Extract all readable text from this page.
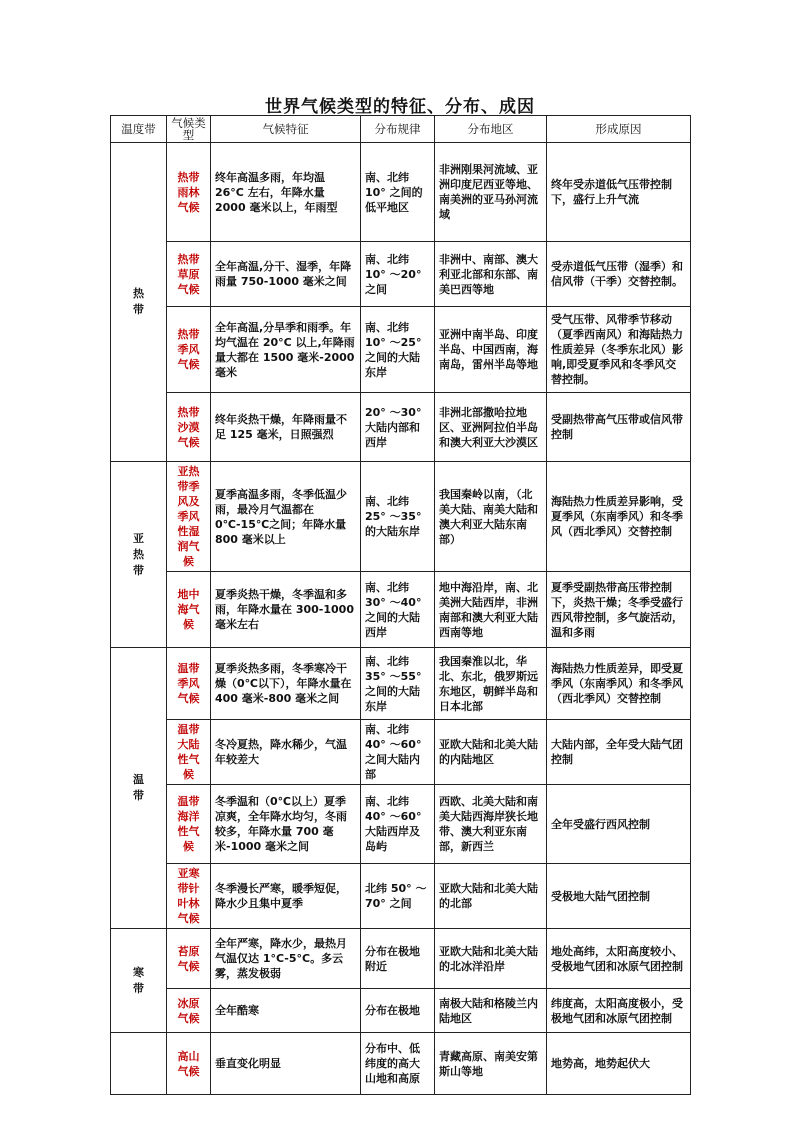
世界气候类型的特征、分布、成因
温度带	气候类型	气候特征	分布规律	分布地区	形成原因
热带	热带雨林气候	终年高温多雨，年均温 26°C 左右，年降水量 2000 毫米以上，年雨型	南、北纬 10° 之间的低平地区	非洲刚果河流域、亚洲印度尼西亚等地、南美洲的亚马孙河流域	终年受赤道低气压带控制下，盛行上升气流
	热带草原气候	全年高温,分干、湿季，年降雨量 750-1000 毫米之间	南、北纬 10° ～20° 之间	非洲中、南部、澳大利亚北部和东部、南美巴西等地	受赤道低气压带（湿季）和信风带（干季）交替控制。
	热带季风气候	全年高温,分旱季和雨季。年均气温在 20°C 以上,年降雨量大都在 1500 毫米-2000 毫米	南、北纬 10° ～25° 之间的大陆东岸	亚洲中南半岛、印度半岛、中国西南，海南岛，雷州半岛等地	受气压带、风带季节移动（夏季西南风）和海陆热力性质差异（冬季东北风）影响,即受夏季风和冬季风交替控制。
	热带沙漠气候	终年炎热干燥，年降雨量不足 125 毫米，日照强烈	20° ～30° 大陆内部和西岸	非洲北部撒哈拉地区、亚洲阿拉伯半岛和澳大利亚大沙漠区	受副热带高气压带或信风带控制
亚热带	亚热带季风及季风性湿润气候	夏季高温多雨，冬季低温少雨，最冷月气温都在 0℃-15℃之间；年降水量 800 毫米以上	南、北纬 25° ～35° 的大陆东岸	我国秦岭以南，（北美大陆、南美大陆和澳大利亚大陆东南部）	海陆热力性质差异影响，受夏季风（东南季风）和冬季风（西北季风）交替控制
	地中海气候	夏季炎热干燥，冬季温和多雨，年降水量在 300-1000 毫米左右	南、北纬 30° ～40° 之间的大陆西岸	地中海沿岸，南、北美洲大陆西岸，非洲南部和澳大利亚大陆西南等地	夏季受副热带高压带控制下，炎热干燥；冬季受盛行西风带控制，多气旋活动，温和多雨
温带	温带季风气候	夏季炎热多雨，冬季寒冷干燥（0℃以下），年降水量在 400 毫米-800 毫米之间	南、北纬 35° ～55° 之间的大陆东岸	我国秦淮以北，华北、东北，俄罗斯远东地区，朝鲜半岛和日本北部	海陆热力性质差异，即受夏季风（东南季风）和冬季风（西北季风）交替控制
	温带大陆性气候	冬冷夏热，降水稀少，气温年较差大	南、北纬 40° ～60° 之间大陆内部	亚欧大陆和北美大陆的内陆地区	大陆内部，全年受大陆气团控制
	温带海洋性气候	冬季温和（0℃以上）夏季凉爽，全年降水均匀，冬雨较多，年降水量 700 毫米-1000 毫米之间	南、北纬 40° ～60° 大陆西岸及岛屿	西欧、北美大陆和南美大陆西海岸狭长地带、澳大利亚东南部，新西兰	全年受盛行西风控制
	亚寒带针叶林气候	冬季漫长严寒，暖季短促，降水少且集中夏季	北纬 50° ～70° 之间	亚欧大陆和北美大陆的北部	受极地大陆气团控制
寒带	苔原气候	全年严寒，降水少，最热月气温仅达 1°C-5°C。多云雾，蒸发极弱	分布在极地附近	亚欧大陆和北美大陆的北冰洋沿岸	地处高纬，太阳高度较小、受极地气团和冰原气团控制
	冰原气候	全年酷寒	分布在极地	南极大陆和格陵兰内陆地区	纬度高，太阳高度极小，受极地气团和冰原气团控制
	高山气候	垂直变化明显	分布中、低纬度的高大山地和高原	青藏高原、南美安第斯山等地	地势高，地势起伏大
